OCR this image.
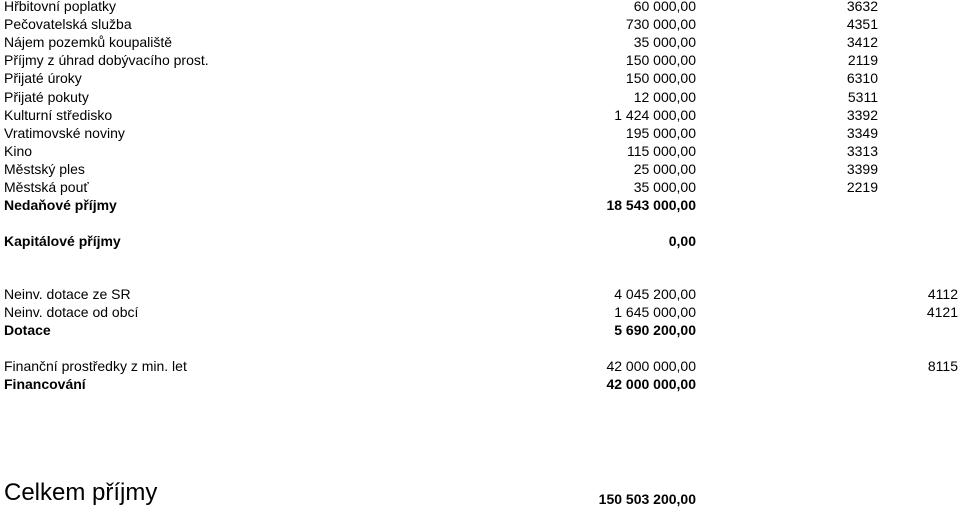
Hřbitovní poplatky	60 000,00	3632
Pečovatelská služba	730 000,00	4351
Nájem pozemků koupaliště	35 000,00	3412
Příjmy z úhrad dobývacího prost.	150 000,00	2119
Přijaté úroky	150 000,00	6310
Přijaté pokuty	12 000,00	5311
Kulturní středisko	1 424 000,00	3392
Vratimovské noviny	195 000,00	3349
Kino	115 000,00	3313
Městský ples	25 000,00	3399
Městská pouť	35 000,00	2219
Nedaňové příjmy	18 543 000,00
Kapitálové příjmy	0,00
Neinv. dotace ze SR	4 045 200,00	4112
Neinv. dotace od obcí	1 645 000,00	4121
Dotace	5 690 200,00
Finanční prostředky z min. let	42 000 000,00	8115
Financování	42 000 000,00
Celkem příjmy	150 503 200,00
